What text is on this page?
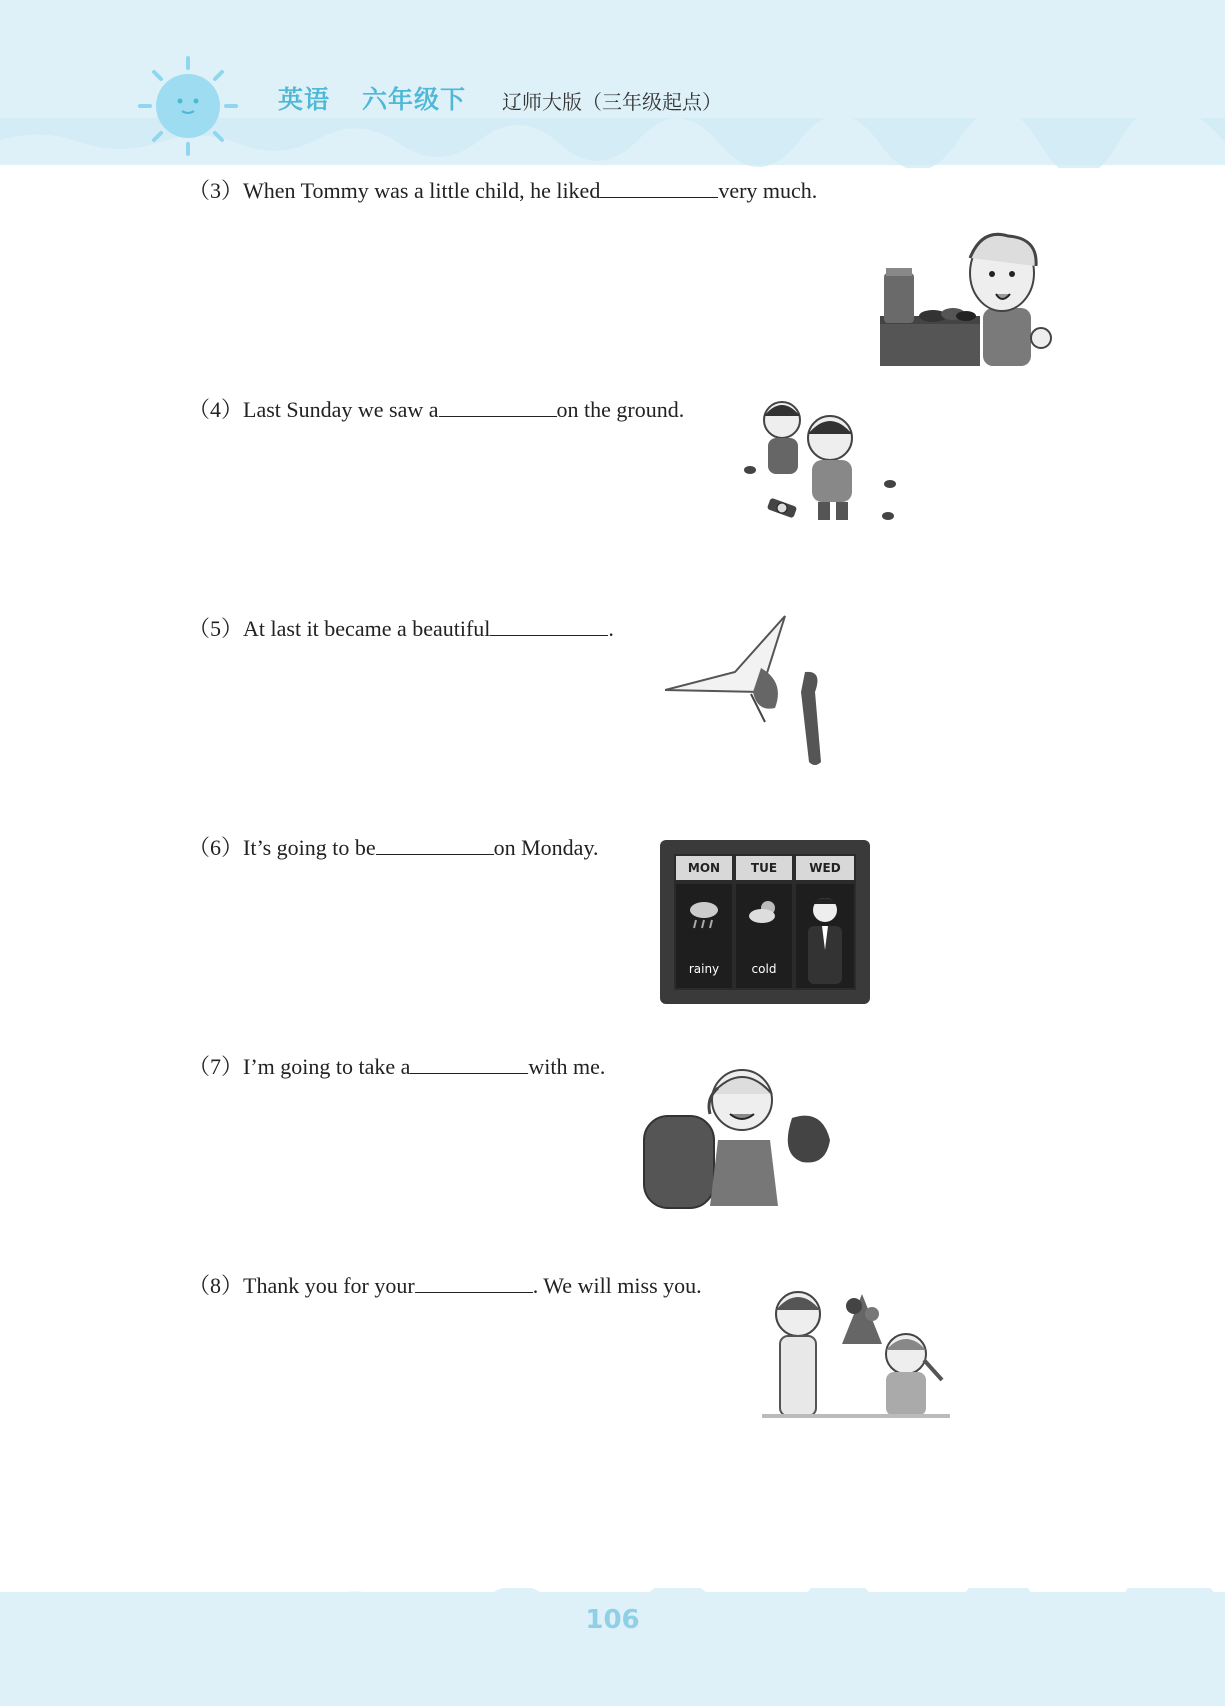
英语 六年级下 辽师大版（三年级起点）
（3）When Tommy was a little child, he liked	very much.
（4）Last Sunday we saw a	on the ground.
（5）At last it became a beautiful	.
（6）It’s going to be	on Monday.
MON	TUE	WED
rainy	cold
（7）I’m going to take a	with me.
（8）Thank you for your	. We will miss you.
106
